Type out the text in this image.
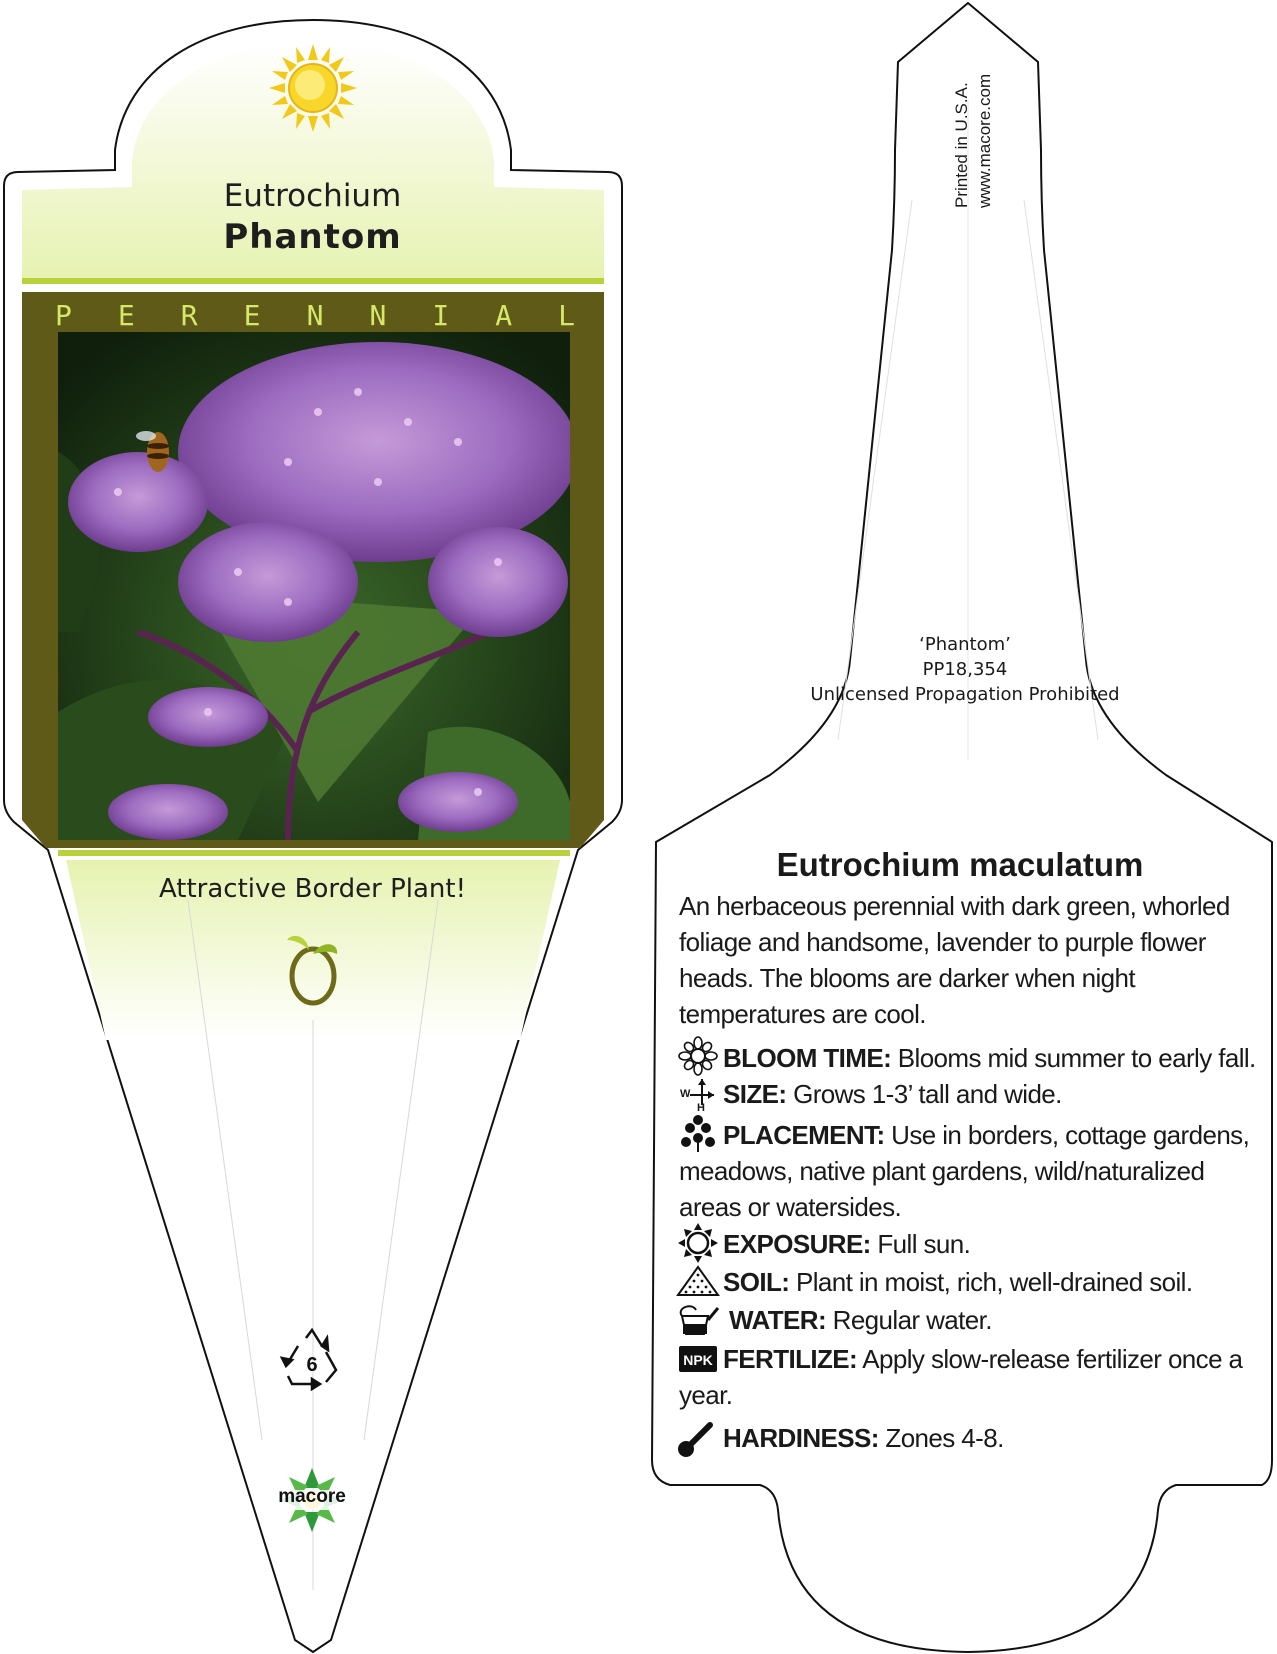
Eutrochium
Phantom
P E R E N N I A L
Attractive Border Plant!
6
macore
Printed in U.S.A. www.macore.com
‘Phantom’
PP18,354
Unlicensed Propagation Prohibited
Eutrochium maculatum
An herbaceous perennial with dark green, whorled foliage and handsome, lavender to purple flower heads. The blooms are darker when night temperatures are cool.
BLOOM TIME: Blooms mid summer to early fall.
SIZE: Grows 1-3’ tall and wide.
W
H
PLACEMENT: Use in borders, cottage gardens, meadows, native plant gardens, wild/naturalized areas or watersides.
EXPOSURE: Full sun.
SOIL: Plant in moist, rich, well-drained soil.
WATER: Regular water.
FERTILIZE: Apply slow-release fertilizer once a year.
NPK
HARDINESS: Zones 4-8.
